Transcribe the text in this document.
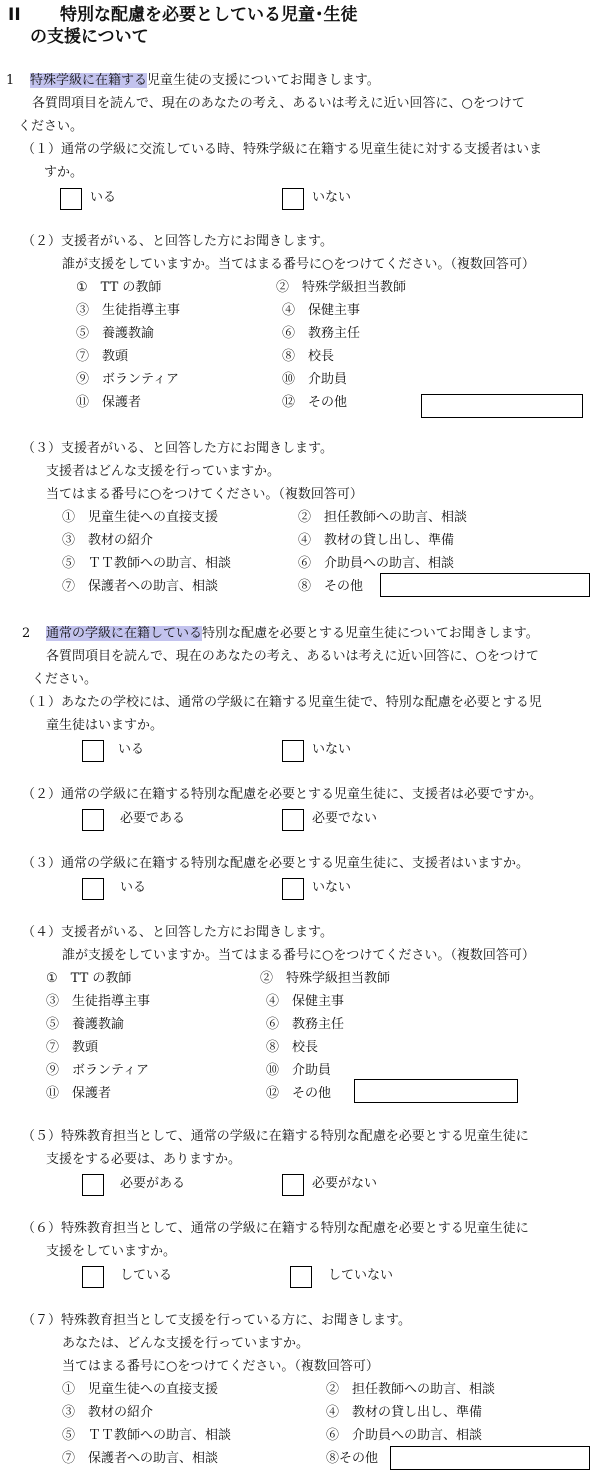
II 特別な配慮を必要としている児童･生徒
の支援について
1 特殊学級に在籍する児童生徒の支援についてお聞きします。
各質問項目を読んで、現在のあなたの考え、あるいは考えに近い回答に、○をつけて
ください。
（１）通常の学級に交流している時、特殊学級に在籍する児童生徒に対する支援者はいま
すか。
いる	いない
（２）支援者がいる、と回答した方にお聞きします。
誰が支援をしていますか。当てはまる番号に○をつけてください。（複数回答可）
①　TT の教師	②　特殊学級担当教師
③　生徒指導主事	④　保健主事
⑤　養護教諭	⑥　教務主任
⑦　教頭	⑧　校長
⑨　ボランティア	⑩　介助員
⑪　保護者	⑫　その他
（３）支援者がいる、と回答した方にお聞きします。
支援者はどんな支援を行っていますか。
当てはまる番号に○をつけてください。（複数回答可）
①　児童生徒への直接支援	②　担任教師への助言、相談
③　教材の紹介	④　教材の貸し出し、準備
⑤　ＴＴ教師への助言、相談	⑥　介助員への助言、相談
⑦　保護者への助言、相談	⑧　その他
2 通常の学級に在籍している特別な配慮を必要とする児童生徒についてお聞きします。
各質問項目を読んで、現在のあなたの考え、あるいは考えに近い回答に、○をつけて
ください。
（１）あなたの学校には、通常の学級に在籍する児童生徒で、特別な配慮を必要とする児
童生徒はいますか。
いる	いない
（２）通常の学級に在籍する特別な配慮を必要とする児童生徒に、支援者は必要ですか。
必要である	必要でない
（３）通常の学級に在籍する特別な配慮を必要とする児童生徒に、支援者はいますか。
いる	いない
（４）支援者がいる、と回答した方にお聞きします。
誰が支援をしていますか。当てはまる番号に○をつけてください。（複数回答可）
①　TT の教師	②　特殊学級担当教師
③　生徒指導主事	④　保健主事
⑤　養護教諭	⑥　教務主任
⑦　教頭	⑧　校長
⑨　ボランティア	⑩　介助員
⑪　保護者	⑫　その他
（５）特殊教育担当として、通常の学級に在籍する特別な配慮を必要とする児童生徒に
支援をする必要は、ありますか。
必要がある	必要がない
（６）特殊教育担当として、通常の学級に在籍する特別な配慮を必要とする児童生徒に
支援をしていますか。
している	していない
（７）特殊教育担当として支援を行っている方に、お聞きします。
あなたは、どんな支援を行っていますか。
当てはまる番号に○をつけてください。（複数回答可）
①　児童生徒への直接支援	②　担任教師への助言、相談
③　教材の紹介	④　教材の貸し出し、準備
⑤　ＴＴ教師への助言、相談	⑥　介助員への助言、相談
⑦　保護者への助言、相談	⑧その他
